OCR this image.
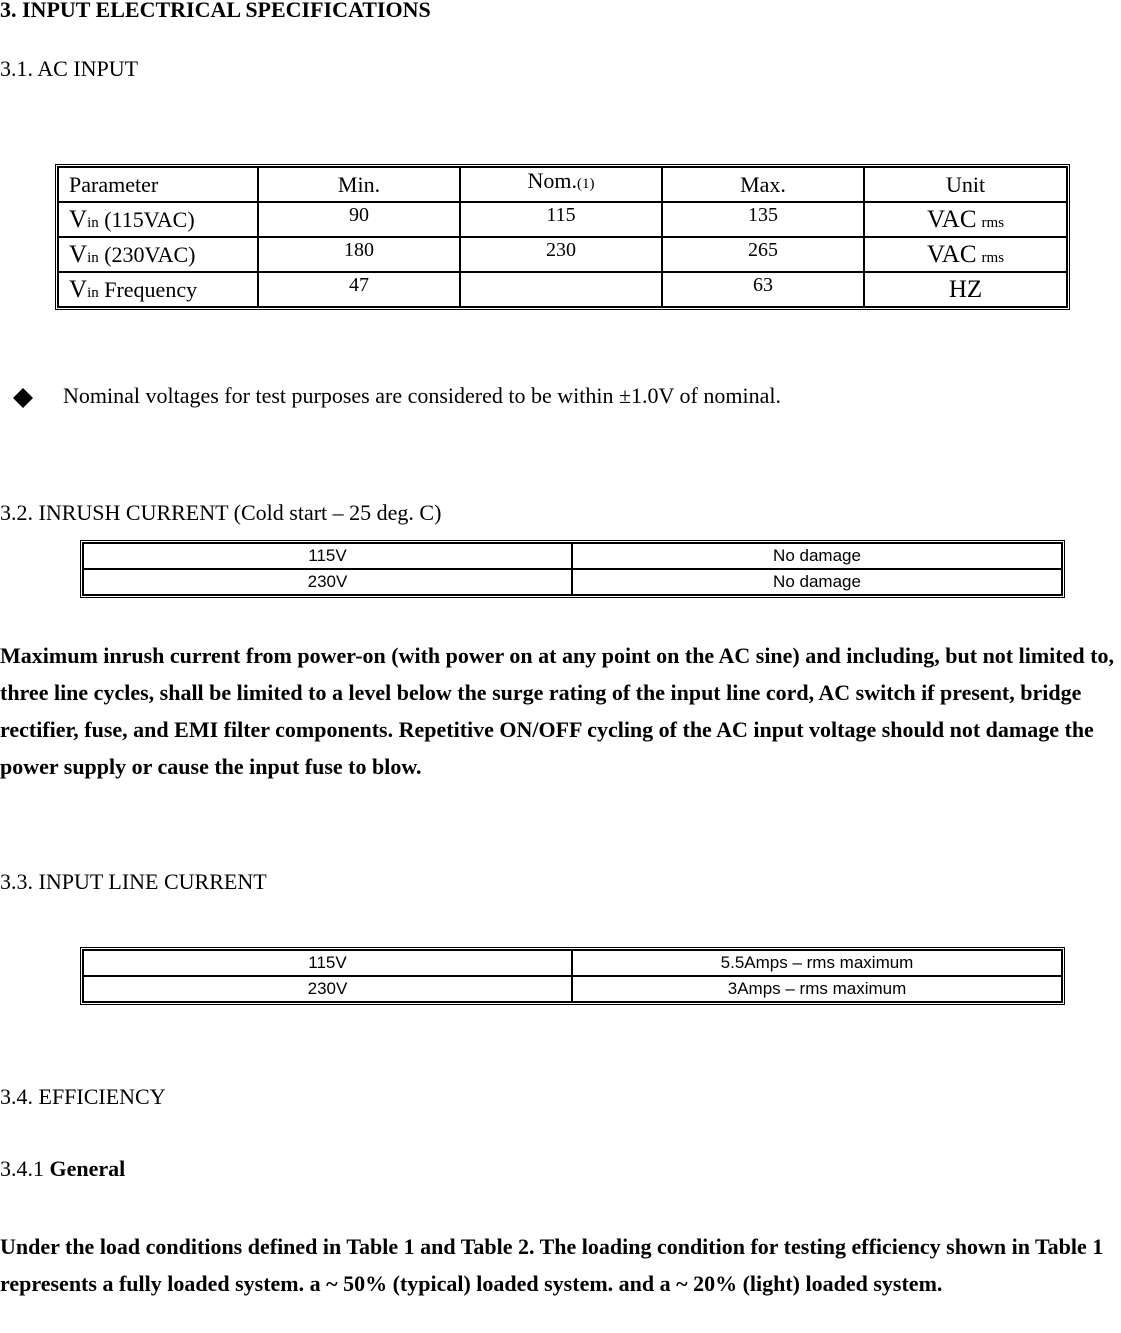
3. INPUT ELECTRICAL SPECIFICATIONS
3.1. AC INPUT
Parameter	Min.	Nom.(1)	Max.	Unit
Vin (115VAC)	90	115	135	VAC rms
Vin (230VAC)	180	230	265	VAC rms
Vin Frequency	47		63	HZ
Nominal voltages for test purposes are considered to be within ±1.0V of nominal.
3.2. INRUSH CURRENT (Cold start – 25 deg. C)
115V	No damage
230V	No damage
Maximum inrush current from power-on (with power on at any point on the AC sine) and including, but not limited to, three line cycles, shall be limited to a level below the surge rating of the input line cord, AC switch if present, bridge rectifier, fuse, and EMI filter components. Repetitive ON/OFF cycling of the AC input voltage should not damage the power supply or cause the input fuse to blow.
3.3. INPUT LINE CURRENT
115V	5.5Amps – rms maximum
230V	3Amps – rms maximum
3.4. EFFICIENCY
3.4.1 General
Under the load conditions defined in Table 1 and Table 2. The loading condition for testing efficiency shown in Table 1 represents a fully loaded system. a ~ 50% (typical) loaded system. and a ~ 20% (light) loaded system.
